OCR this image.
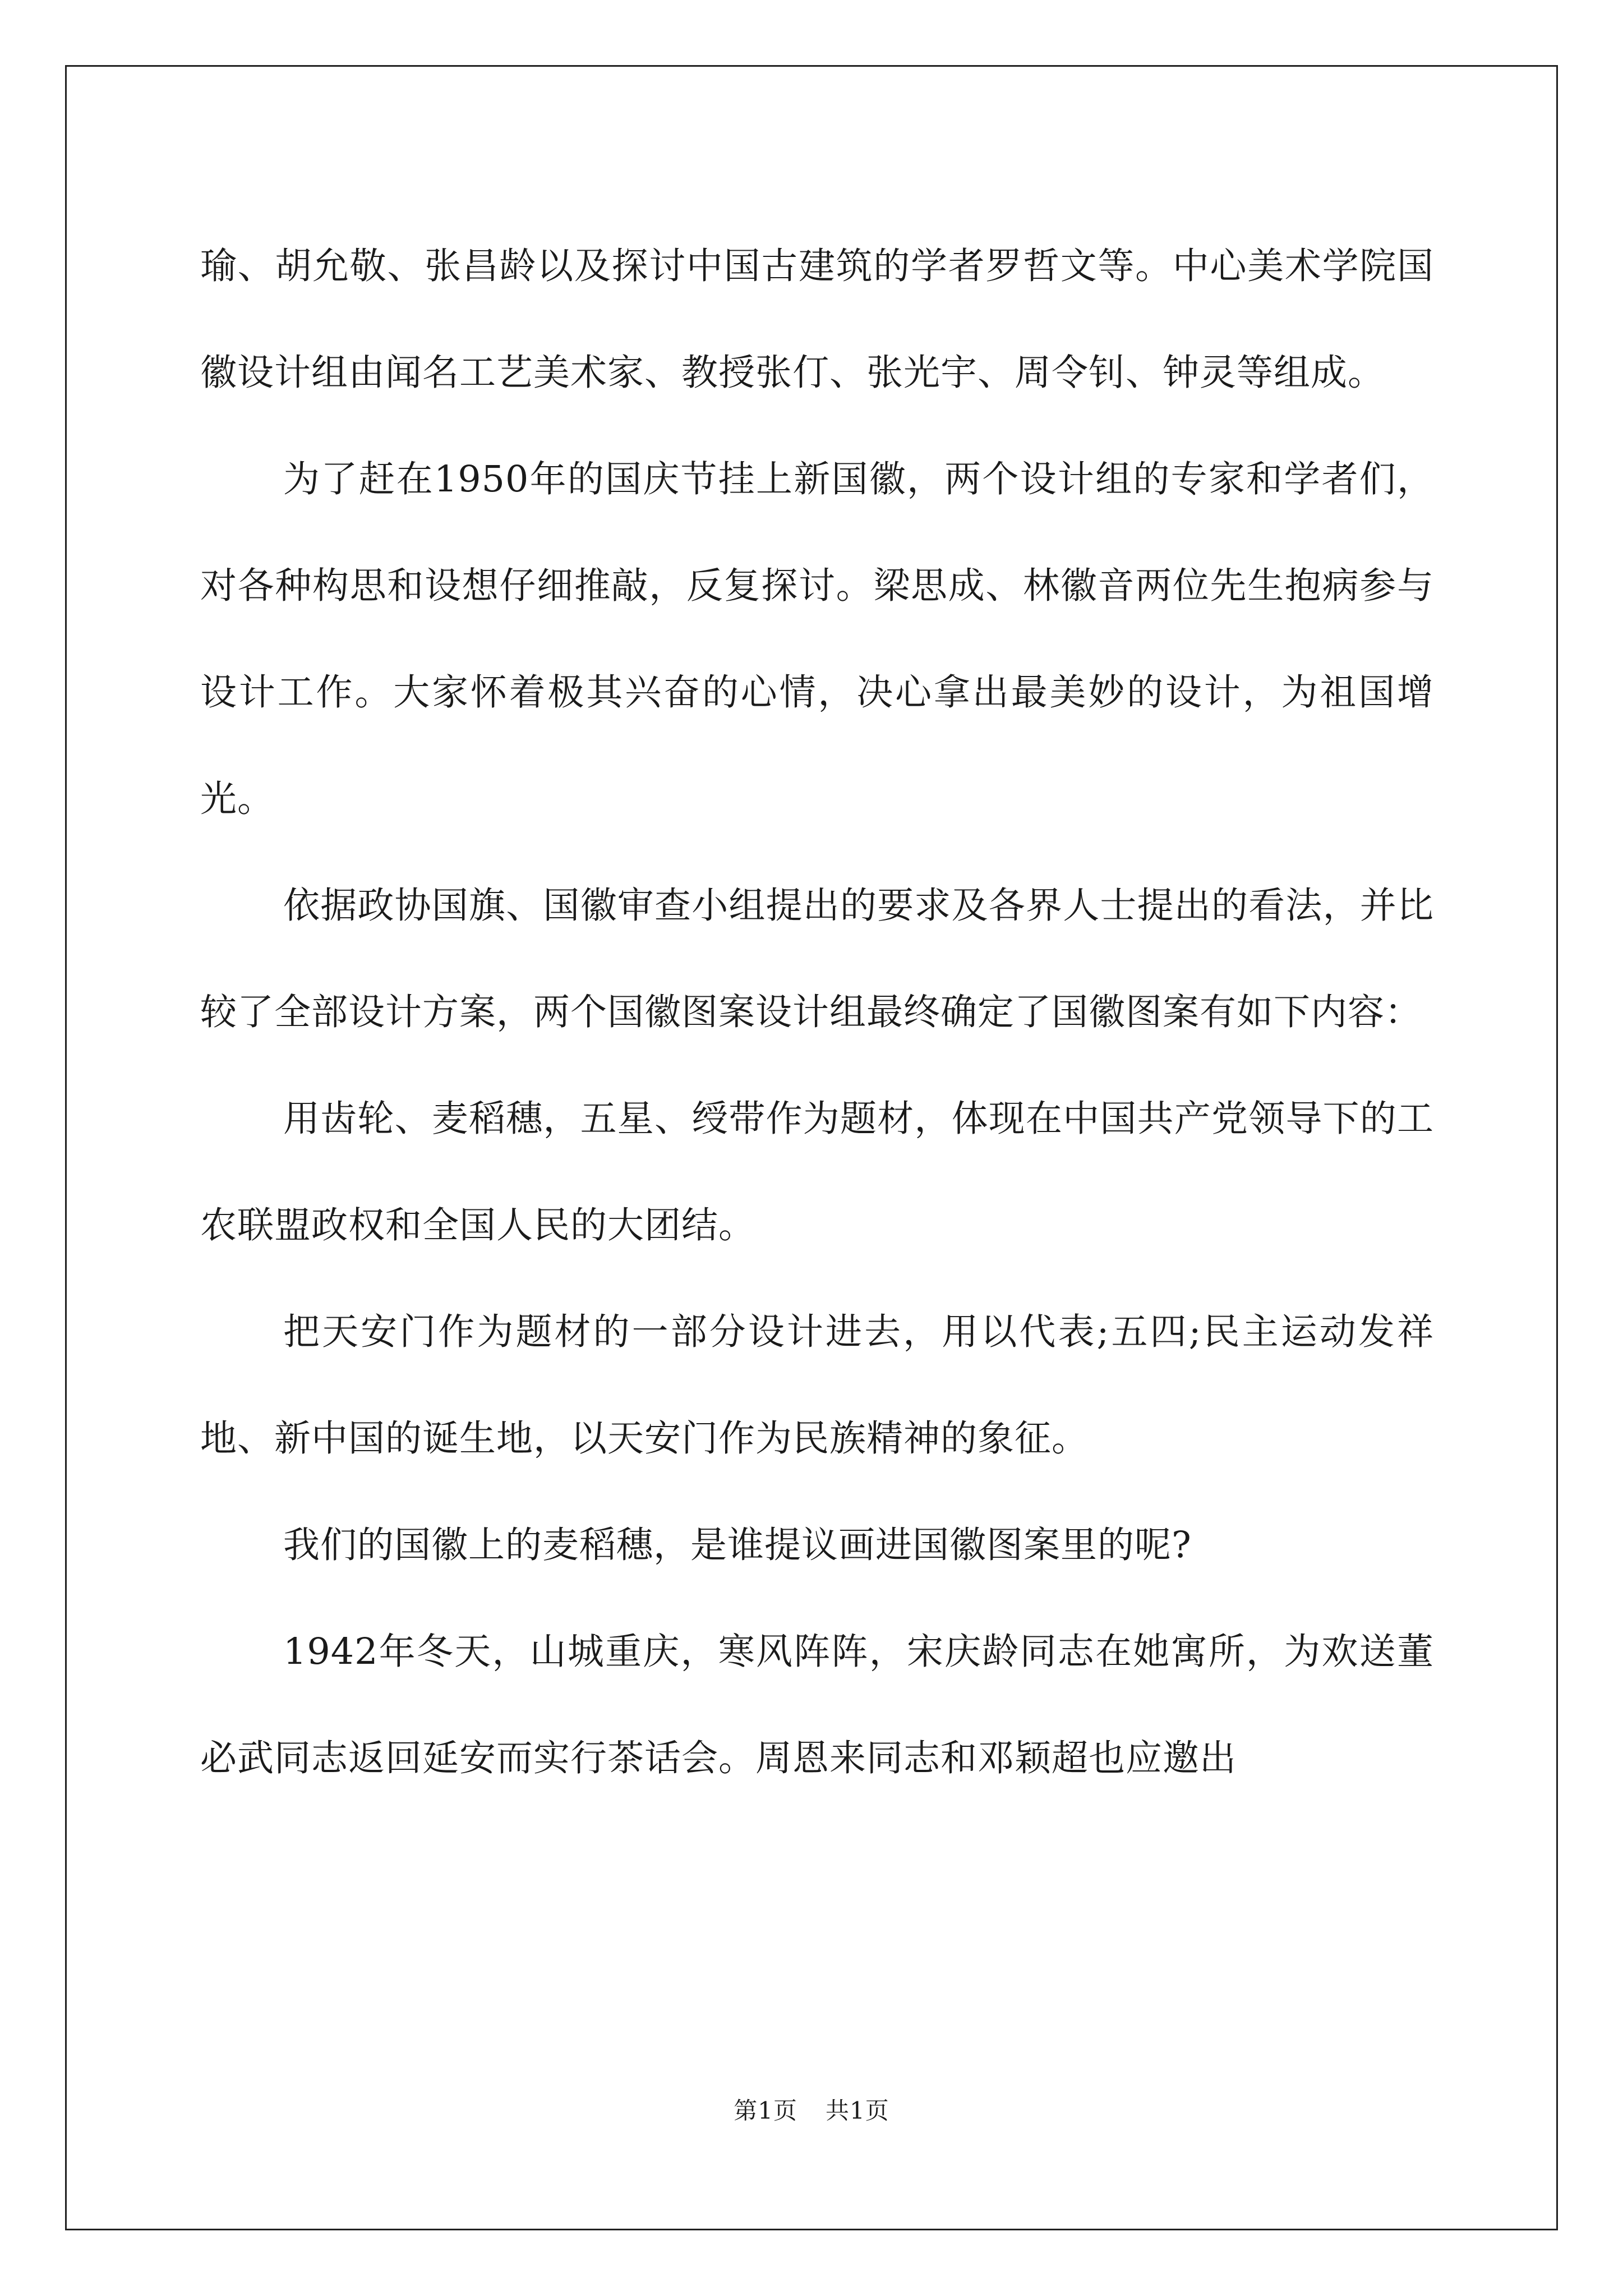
瑜、胡允敬、张昌龄以及探讨中国古建筑的学者罗哲文等。中心美术学院国徽设计组由闻名工艺美术家、教授张仃、张光宇、周令钊、钟灵等组成。

为了赶在1950年的国庆节挂上新国徽，两个设计组的专家和学者们，对各种构思和设想仔细推敲，反复探讨。梁思成、林徽音两位先生抱病参与设计工作。大家怀着极其兴奋的心情，决心拿出最美妙的设计，为祖国增光。

依据政协国旗、国徽审查小组提出的要求及各界人士提出的看法，并比较了全部设计方案，两个国徽图案设计组最终确定了国徽图案有如下内容：

用齿轮、麦稻穗，五星、绶带作为题材，体现在中国共产党领导下的工农联盟政权和全国人民的大团结。

把天安门作为题材的一部分设计进去，用以代表;五四;民主运动发祥地、新中国的诞生地，以天安门作为民族精神的象征。

我们的国徽上的麦稻穗，是谁提议画进国徽图案里的呢?

1942年冬天，山城重庆，寒风阵阵，宋庆龄同志在她寓所，为欢送董必武同志返回延安而实行茶话会。周恩来同志和邓颖超也应邀出

第1页 共1页
